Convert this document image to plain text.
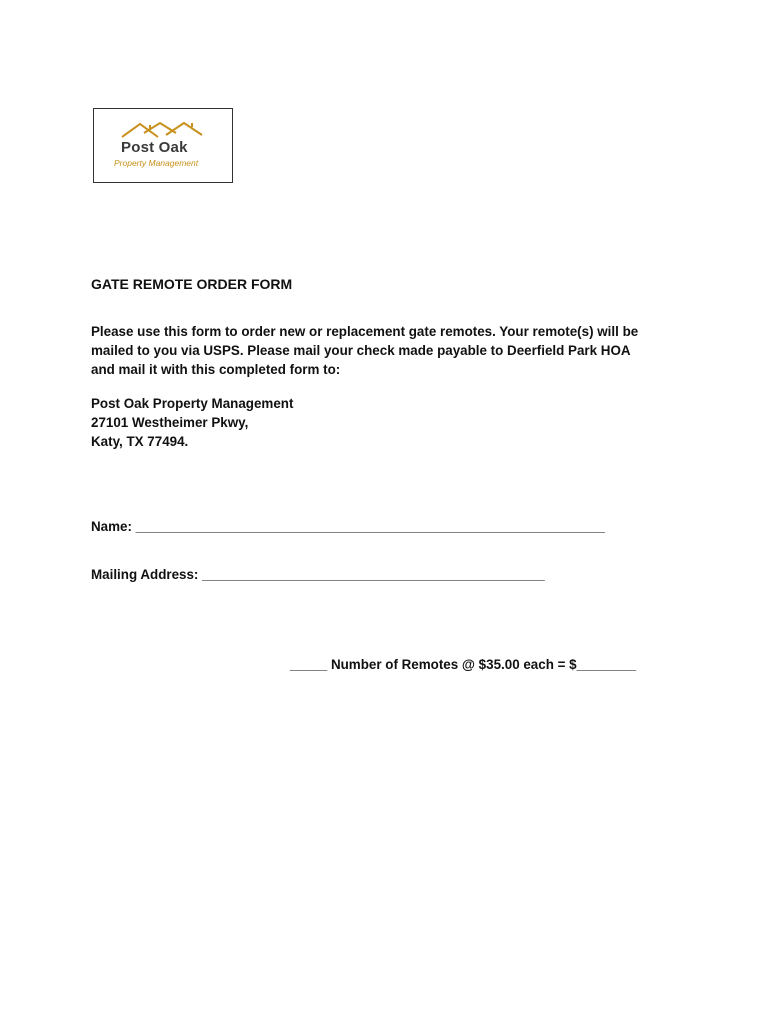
Post Oak
Property Management
GATE REMOTE ORDER FORM
Please use this form to order new or replacement gate remotes. Your remote(s) will be
mailed to you via USPS. Please mail your check made payable to Deerfield Park HOA
and mail it with this completed form to:
Post Oak Property Management
27101 Westheimer Pkwy,
Katy, TX 77494.
Name: _______________________________________________________________
Mailing Address: ______________________________________________
_____ Number of Remotes @ $35.00 each = $________
